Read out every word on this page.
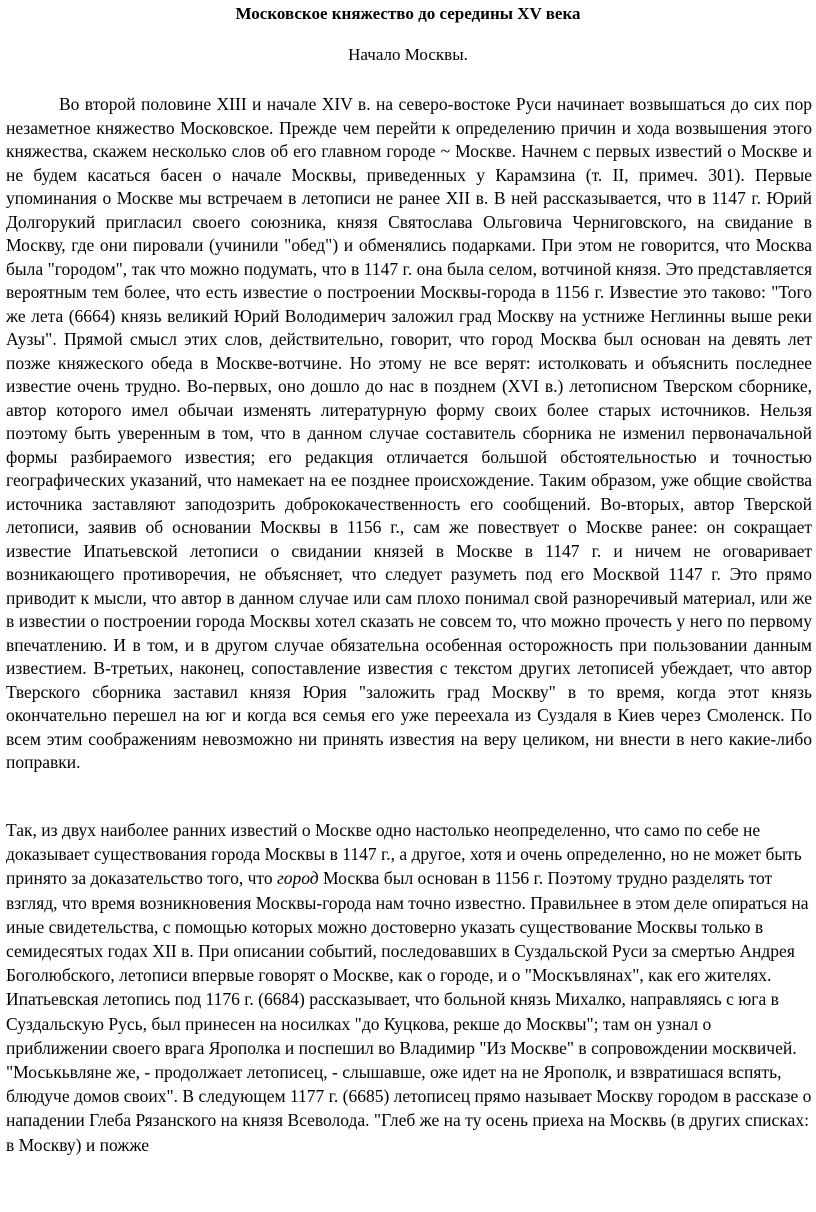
Московское княжество до середины XV века
Начало Москвы.

Во второй половине XIII и начале XIV в. на северо-востоке Руси начинает возвышаться до сих пор незаметное княжество Московское. Прежде чем перейти к определению причин и хода возвышения этого княжества, скажем несколько слов об его главном городе ~ Москве. Начнем с первых известий о Москве и не будем касаться басен о начале Москвы, приведенных у Карамзина (т. II, примеч. 301). Первые упоминания о Москве мы встречаем в летописи не ранее XII в. В ней рассказывается, что в 1147 г. Юрий Долгорукий пригласил своего союзника, князя Святослава Ольговича Черниговского, на свидание в Москву, где они пировали (учинили "обед") и обменялись подарками. При этом не говорится, что Москва была "городом", так что можно подумать, что в 1147 г. она была селом, вотчиной князя. Это представляется вероятным тем более, что есть известие о построении Москвы-города в 1156 г. Известие это таково: "Того же лета (6664) князь великий Юрий Володимерич заложил град Москву на устниже Неглинны выше реки Аузы". Прямой смысл этих слов, действительно, говорит, что город Москва был основан на девять лет позже княжеского обеда в Москве-вотчине. Но этому не все верят: истолковать и объяснить последнее известие очень трудно. Во-первых, оно дошло до нас в позднем (XVI в.) летописном Тверском сборнике, автор которого имел обычаи изменять литературную форму своих более старых источников. Нельзя поэтому быть уверенным в том, что в данном случае составитель сборника не изменил первоначальной формы разбираемого известия; его редакция отличается большой обстоятельностью и точностью географических указаний, что намекает на ее позднее происхождение. Таким образом, уже общие свойства источника заставляют заподозрить добрококачественность его сообщений. Во-вторых, автор Тверской летописи, заявив об основании Москвы в 1156 г., сам же повествует о Москве ранее: он сокращает известие Ипатьевской летописи о свидании князей в Москве в 1147 г. и ничем не оговаривает возникающего противоречия, не объясняет, что следует разуметь под его Москвой 1147 г. Это прямо приводит к мысли, что автор в данном случае или сам плохо понимал свой разноречивый материал, или же в известии о построении города Москвы хотел сказать не совсем то, что можно прочесть у него по первому впечатлению. И в том, и в другом случае обязательна особенная осторожность при пользовании данным известием. В-третьих, наконец, сопоставление известия с текстом других летописей убеждает, что автор Тверского сборника заставил князя Юрия "заложить град Москву" в то время, когда этот князь окончательно перешел на юг и когда вся семья его уже переехала из Суздаля в Киев через Смоленск. По всем этим соображениям невозможно ни принять известия на веру целиком, ни внести в него какие-либо поправки.

Так, из двух наиболее ранних известий о Москве одно настолько неопределенно, что само по себе не доказывает существования города Москвы в 1147 г., а другое, хотя и очень определенно, но не может быть принято за доказательство того, что город Москва был основан в 1156 г. Поэтому трудно разделять тот взгляд, что время возникновения Москвы-города нам точно известно. Правильнее в этом деле опираться на иные свидетельства, с помощью которых можно достоверно указать существование Москвы только в семидесятых годах XII в. При описании событий, последовавших в Суздальской Руси за смертью Андрея Боголюбского, летописи впервые говорят о Москве, как о городе, и о "Москъвлянах", как его жителях. Ипатьевская летопись под 1176 г. (6684) рассказывает, что больной князь Михалко, направляясь с юга в Суздальскую Русь, был принесен на носилках "до Куцкова, рекше до Москвы"; там он узнал о приближении своего врага Ярополка и поспешил во Владимир "Из Москве" в сопровождении москвичей. "Моськьвляне же, - продолжает летописец, - слышавше, оже идет на не Ярополк, и взвратишася вспять, блюдуче домов своих". В следующем 1177 г. (6685) летописец прямо называет Москву городом в рассказе о нападении Глеба Рязанского на князя Всеволода. "Глеб же на ту осень приеха на Москвь (в других списках: в Москву) и пожже
